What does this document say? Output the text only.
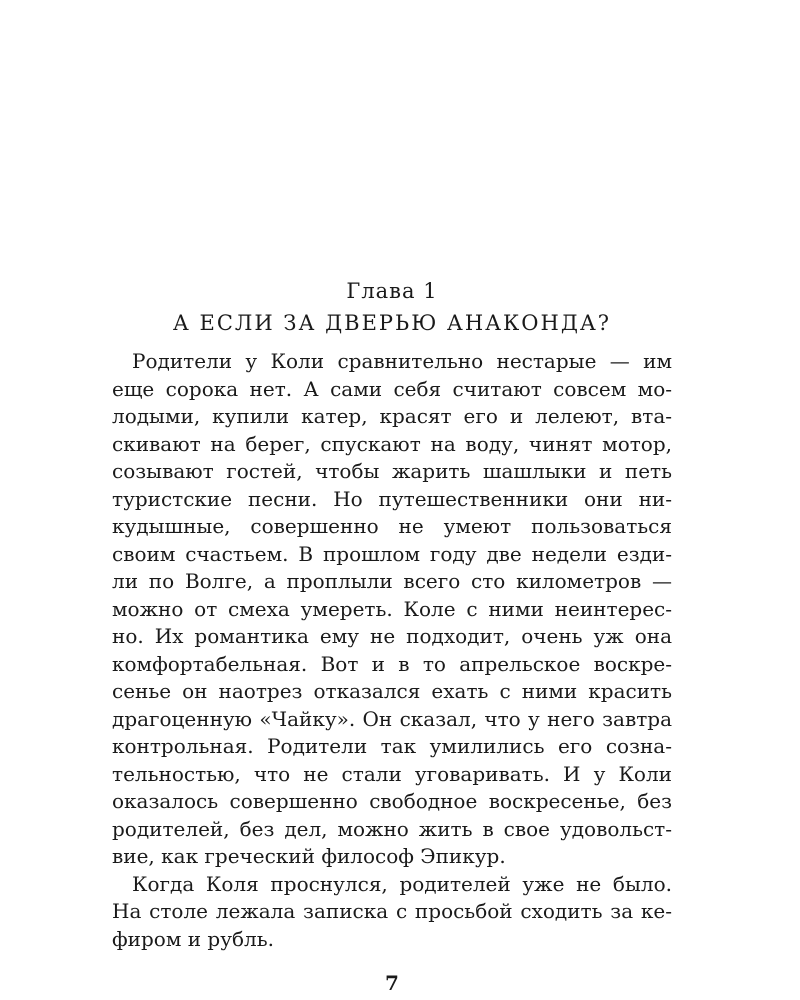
Глава 1

А ЕСЛИ ЗА ДВЕРЬЮ АНАКОНДА?
Родители у Коли сравнительно нестарые — им
еще сорока нет. А сами себя считают совсем мо-
лодыми, купили катер, красят его и лелеют, вта-
скивают на берег, спускают на воду, чинят мотор,
созывают гостей, чтобы жарить шашлыки и петь
туристские песни. Но путешественники они ни-
кудышные, совершенно не умеют пользоваться
своим счастьем. В прошлом году две недели езди-
ли по Волге, а проплыли всего сто километров —
можно от смеха умереть. Коле с ними неинтерес-
но. Их романтика ему не подходит, очень уж она
комфортабельная. Вот и в то апрельское воскре-
сенье он наотрез отказался ехать с ними красить
драгоценную «Чайку». Он сказал, что у него завтра
контрольная. Родители так умилились его созна-
тельностью, что не стали уговаривать. И у Коли
оказалось совершенно свободное воскресенье, без
родителей, без дел, можно жить в свое удовольст-
вие, как греческий философ Эпикур.
Когда Коля проснулся, родителей уже не было.
На столе лежала записка с просьбой сходить за ке-
фиром и рубль.
7
